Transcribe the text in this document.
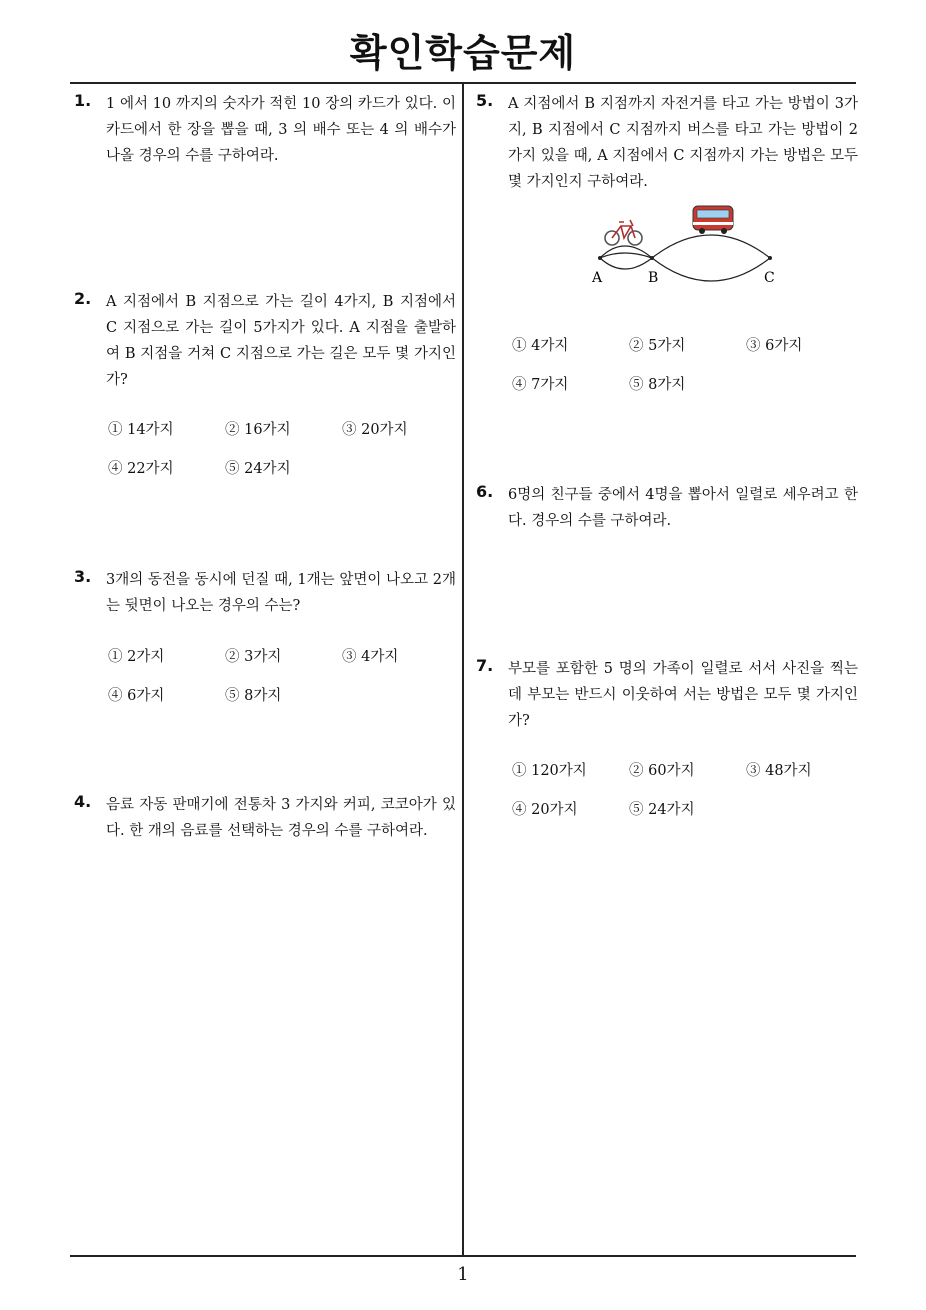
확인학습문제
1
1. 1 에서 10 까지의 숫자가 적힌 10 장의 카드가 있다. 이 카드에서 한 장을 뽑을 때, 3 의 배수 또는 4 의 배수가 나올 경우의 수를 구하여라.
2. A 지점에서 B 지점으로 가는 길이 4가지, B 지점에서 C 지점으로 가는 길이 5가지가 있다. A 지점을 출발하여 B 지점을 거쳐 C 지점으로 가는 길은 모두 몇 가지인가?
① 14가지	② 16가지	③ 20가지
④ 22가지	⑤ 24가지
3. 3개의 동전을 동시에 던질 때, 1개는 앞면이 나오고 2개는 뒷면이 나오는 경우의 수는?
① 2가지	② 3가지	③ 4가지
④ 6가지	⑤ 8가지
4. 음료 자동 판매기에 전통차 3 가지와 커피, 코코아가 있다. 한 개의 음료를 선택하는 경우의 수를 구하여라.
5. A 지점에서 B 지점까지 자전거를 타고 가는 방법이 3가지, B 지점에서 C 지점까지 버스를 타고 가는 방법이 2가지 있을 때, A 지점에서 C 지점까지 가는 방법은 모두 몇 가지인지 구하여라.
A	B	C
① 4가지	② 5가지	③ 6가지
④ 7가지	⑤ 8가지
6. 6명의 친구들 중에서 4명을 뽑아서 일렬로 세우려고 한다. 경우의 수를 구하여라.
7. 부모를 포함한 5 명의 가족이 일렬로 서서 사진을 찍는데 부모는 반드시 이웃하여 서는 방법은 모두 몇 가지인가?
① 120가지	② 60가지	③ 48가지
④ 20가지	⑤ 24가지
